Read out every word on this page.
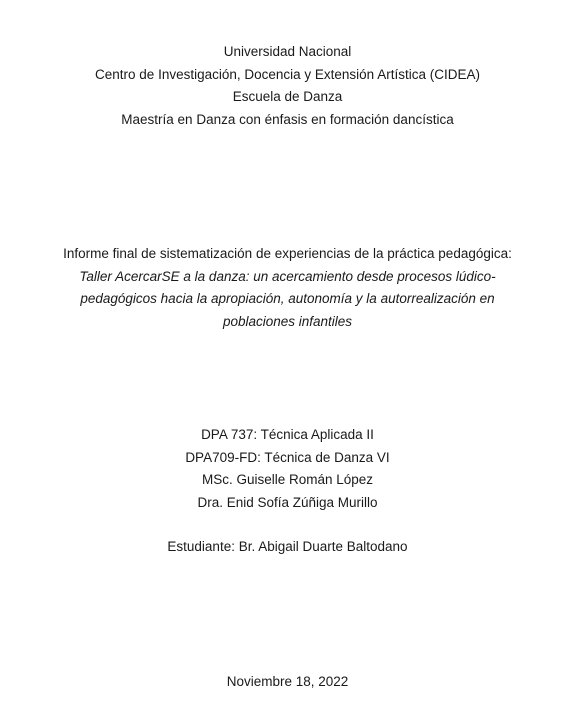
Universidad Nacional
Centro de Investigación, Docencia y Extensión Artística (CIDEA)
Escuela de Danza
Maestría en Danza con énfasis en formación dancística
Informe final de sistematización de experiencias de la práctica pedagógica:
Taller AcercarSE a la danza: un acercamiento desde procesos lúdico-
pedagógicos hacia la apropiación, autonomía y la autorrealización en
poblaciones infantiles
DPA 737: Técnica Aplicada II
DPA709-FD: Técnica de Danza VI
MSc. Guiselle Román López
Dra. Enid Sofía Zúñiga Murillo
Estudiante: Br. Abigail Duarte Baltodano
Noviembre 18, 2022
